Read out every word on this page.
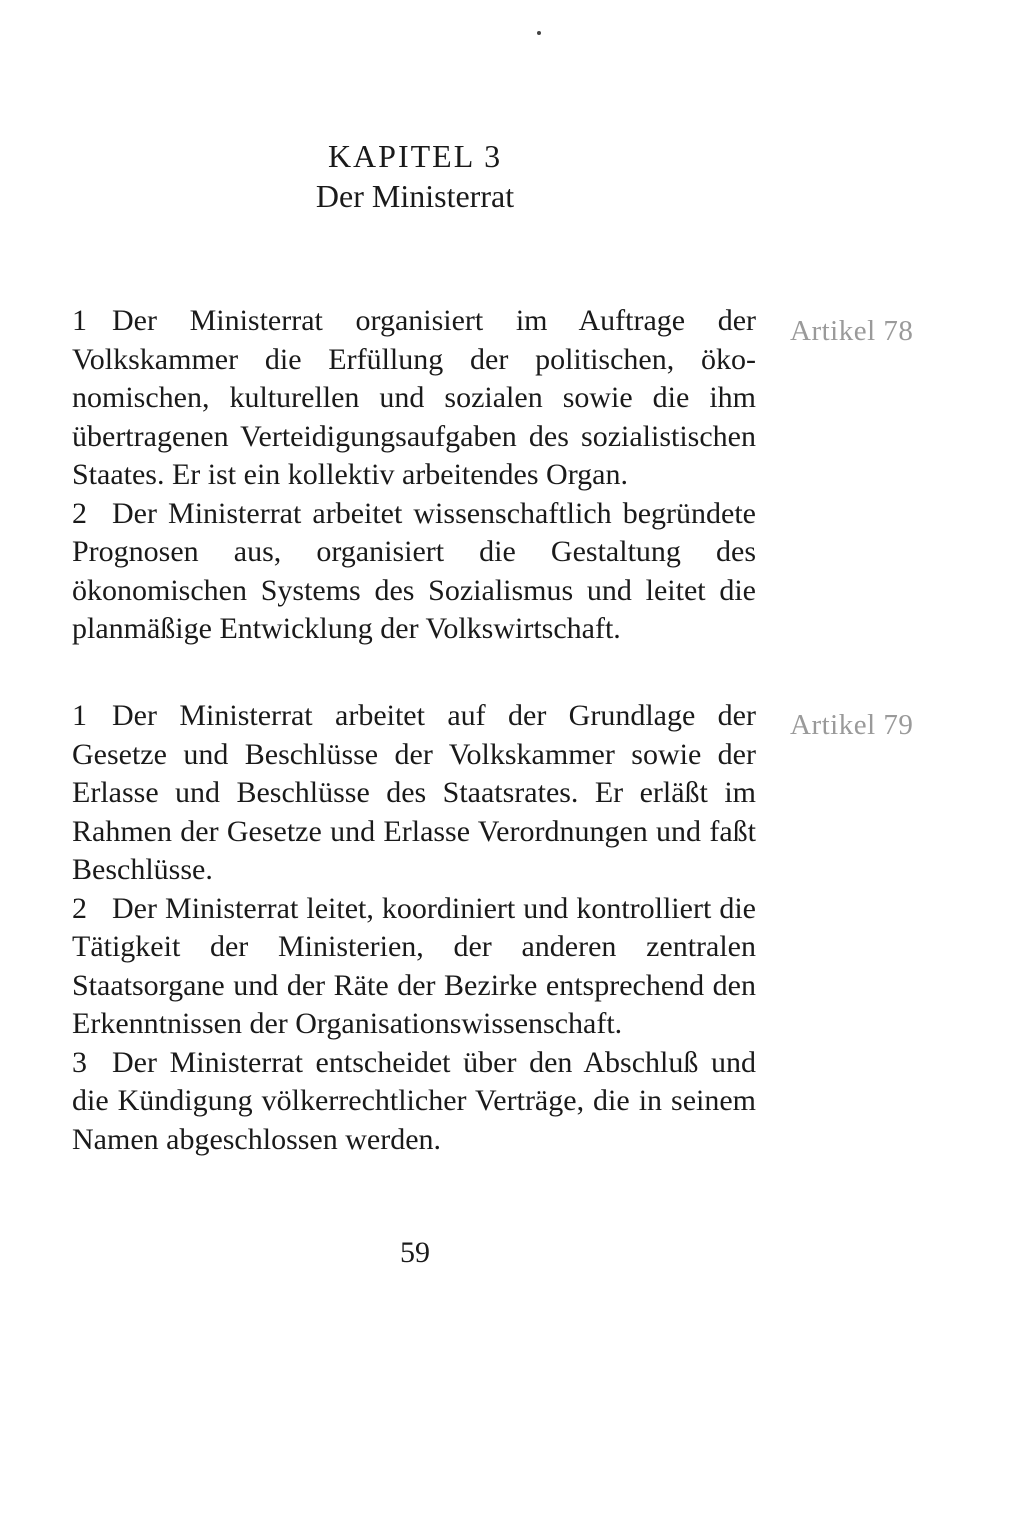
KAPITEL 3
Der Ministerrat

1 Der Ministerrat organisiert im Auftrage der Volkskammer die Erfüllung der politischen, ökonomischen, kulturellen und sozialen sowie die ihm übertragenen Verteidigungsaufgaben des sozialistischen Staates. Er ist ein kollektiv arbeitendes Organ.

2 Der Ministerrat arbeitet wissenschaftlich begründete Prognosen aus, organisiert die Gestaltung des ökonomischen Systems des Sozialismus und leitet die planmäßige Entwicklung der Volkswirtschaft.

Artikel 78

1 Der Ministerrat arbeitet auf der Grundlage der Gesetze und Beschlüsse der Volkskammer sowie der Erlasse und Beschlüsse des Staatsrates. Er erläßt im Rahmen der Gesetze und Erlasse Verordnungen und faßt Beschlüsse.

2 Der Ministerrat leitet, koordiniert und kontrolliert die Tätigkeit der Ministerien, der anderen zentralen Staatsorgane und der Räte der Bezirke entsprechend den Erkenntnissen der Organisationswissenschaft.

3 Der Ministerrat entscheidet über den Abschluß und die Kündigung völkerrechtlicher Verträge, die in seinem Namen abgeschlossen werden.

Artikel 79
59
